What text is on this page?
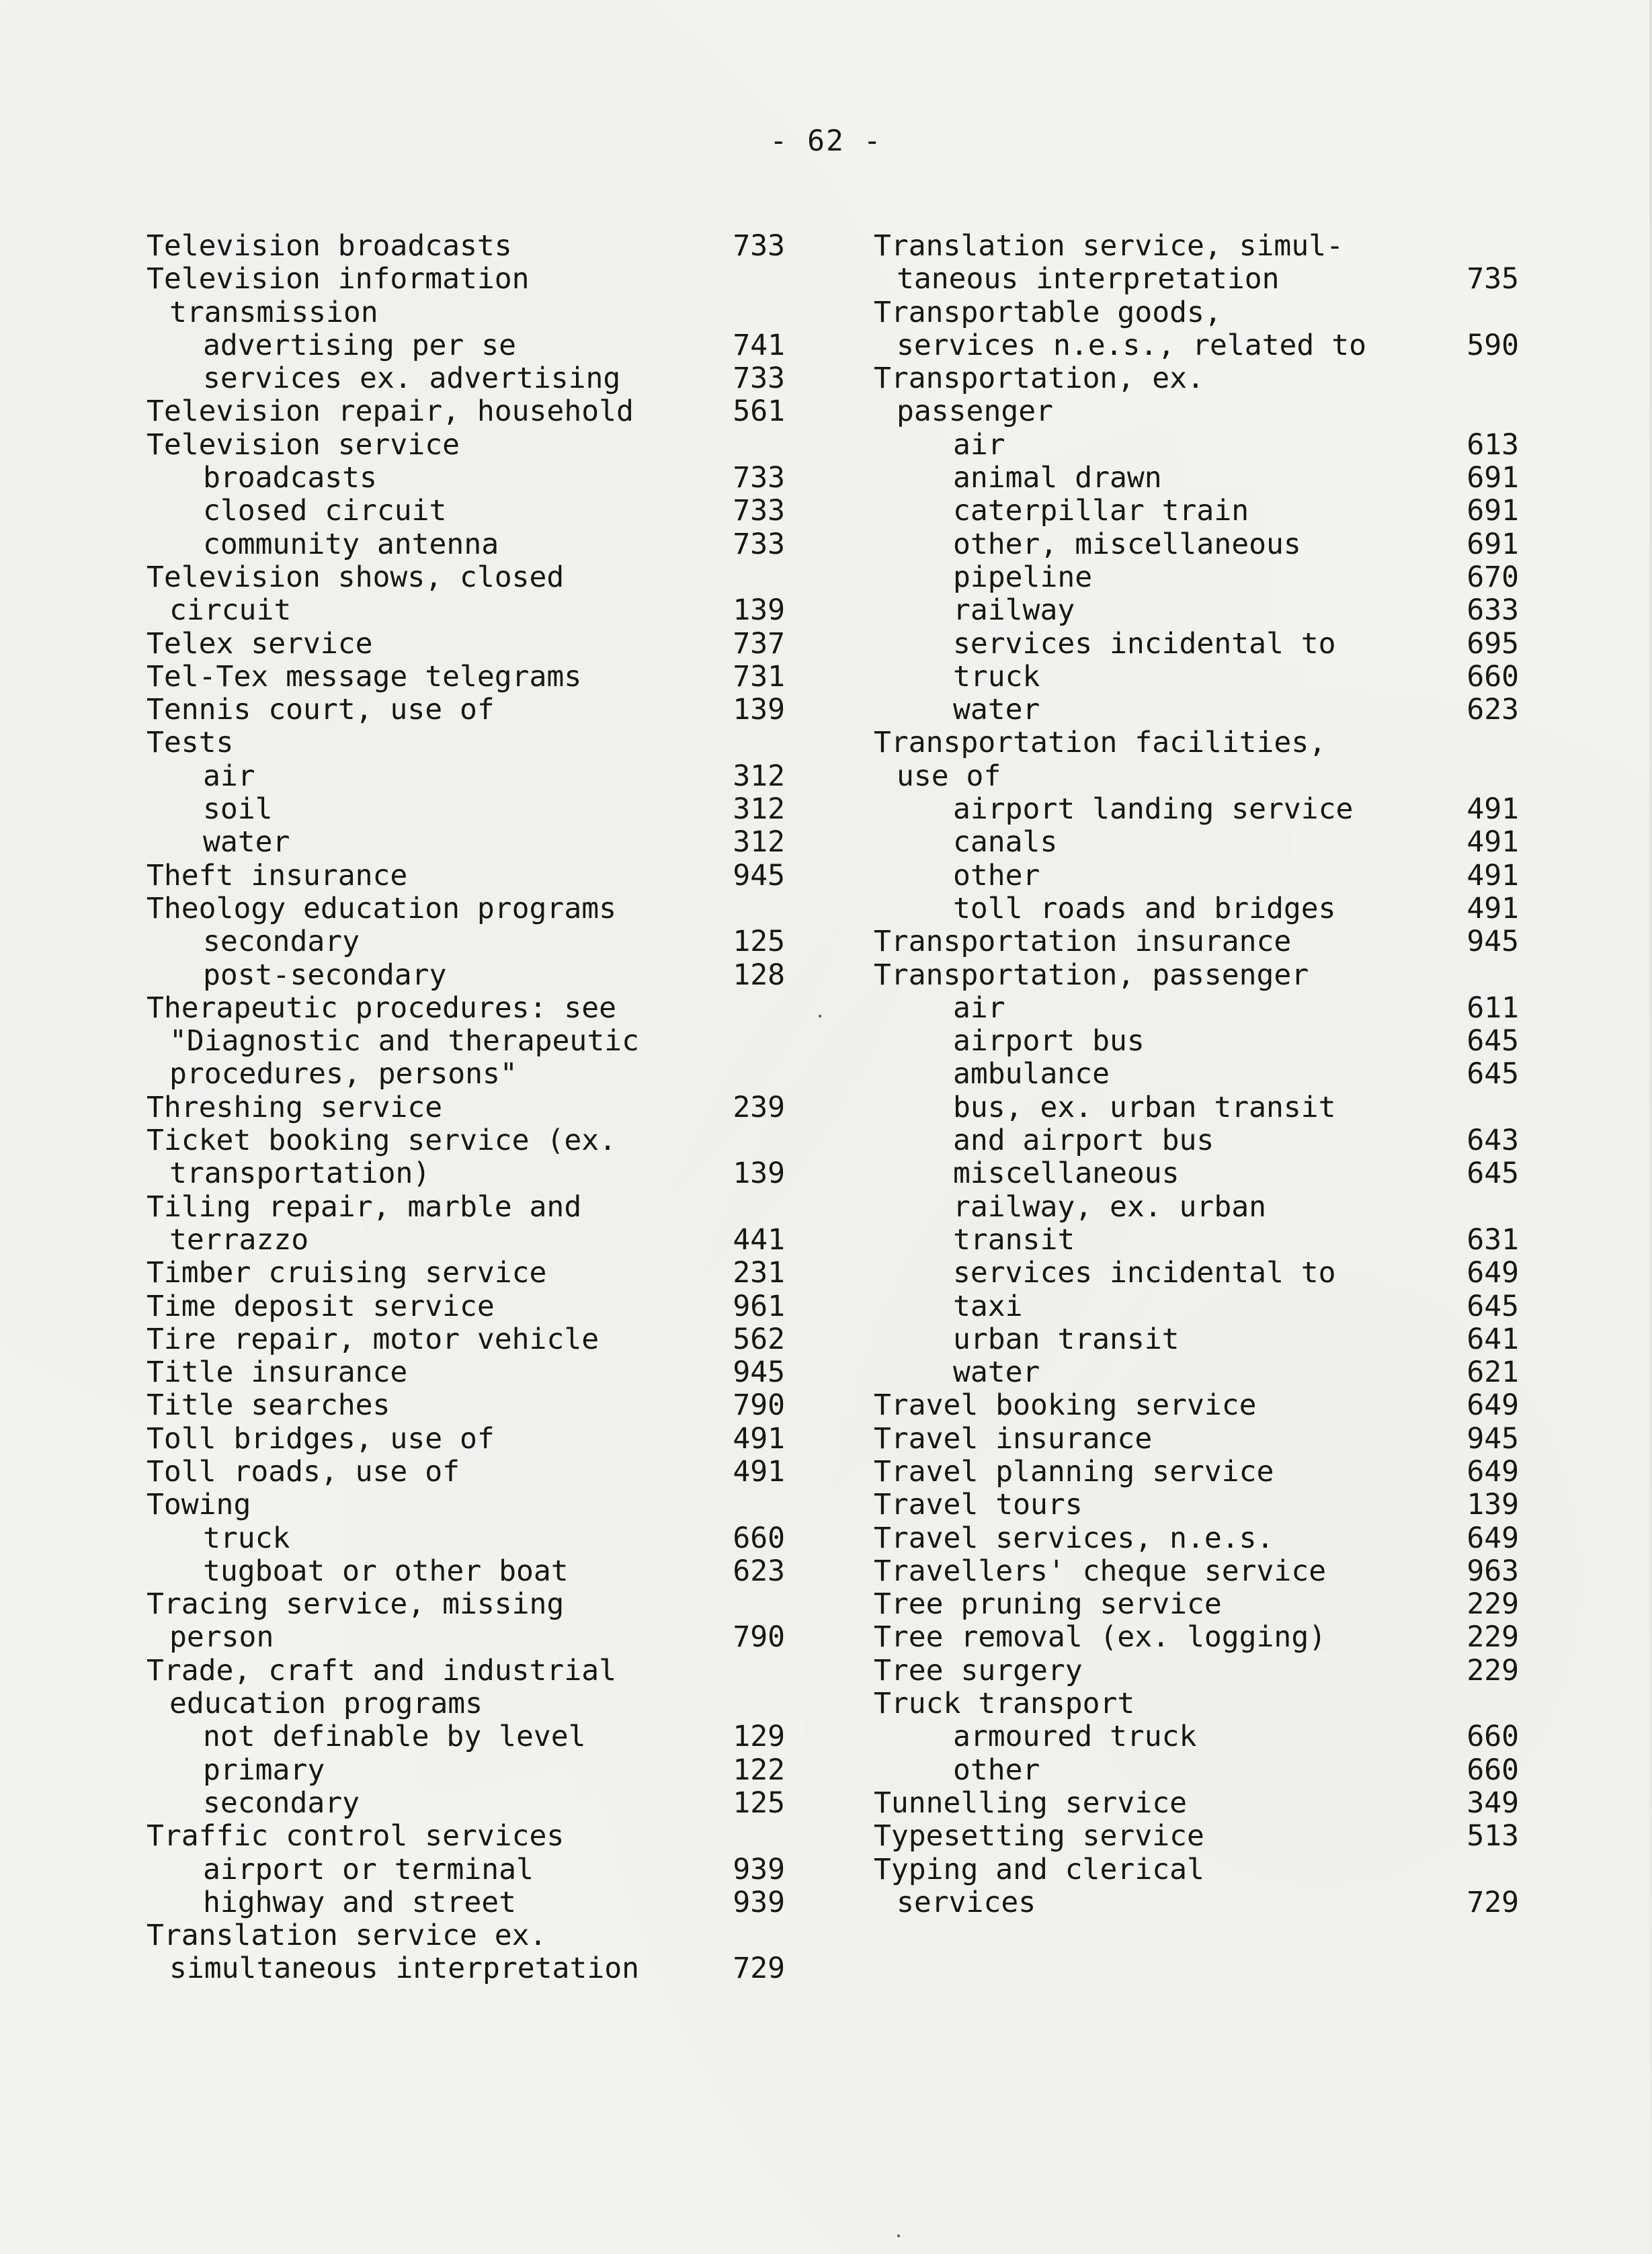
- 62 -
Television broadcasts	733
Television information
transmission
advertising per se	741
services ex. advertising	733
Television repair, household	561
Television service
broadcasts	733
closed circuit	733
community antenna	733
Television shows, closed
circuit	139
Telex service	737
Tel-Tex message telegrams	731
Tennis court, use of	139
Tests
air	312
soil	312
water	312
Theft insurance	945
Theology education programs
secondary	125
post-secondary	128
Therapeutic procedures: see
"Diagnostic and therapeutic
procedures, persons"
Threshing service	239
Ticket booking service (ex.
transportation)	139
Tiling repair, marble and
terrazzo	441
Timber cruising service	231
Time deposit service	961
Tire repair, motor vehicle	562
Title insurance	945
Title searches	790
Toll bridges, use of	491
Toll roads, use of	491
Towing
truck	660
tugboat or other boat	623
Tracing service, missing
person	790
Trade, craft and industrial
education programs
not definable by level	129
primary	122
secondary	125
Traffic control services
airport or terminal	939
highway and street	939
Translation service ex.
simultaneous interpretation	729
Translation service, simul-
taneous interpretation	735
Transportable goods,
services n.e.s., related to	590
Transportation, ex.
passenger
air	613
animal drawn	691
caterpillar train	691
other, miscellaneous	691
pipeline	670
railway	633
services incidental to	695
truck	660
water	623
Transportation facilities,
use of
airport landing service	491
canals	491
other	491
toll roads and bridges	491
Transportation insurance	945
Transportation, passenger
air	611
airport bus	645
ambulance	645
bus, ex. urban transit
and airport bus	643
miscellaneous	645
railway, ex. urban
transit	631
services incidental to	649
taxi	645
urban transit	641
water	621
Travel booking service	649
Travel insurance	945
Travel planning service	649
Travel tours	139
Travel services, n.e.s.	649
Travellers' cheque service	963
Tree pruning service	229
Tree removal (ex. logging)	229
Tree surgery	229
Truck transport
armoured truck	660
other	660
Tunnelling service	349
Typesetting service	513
Typing and clerical
services	729
